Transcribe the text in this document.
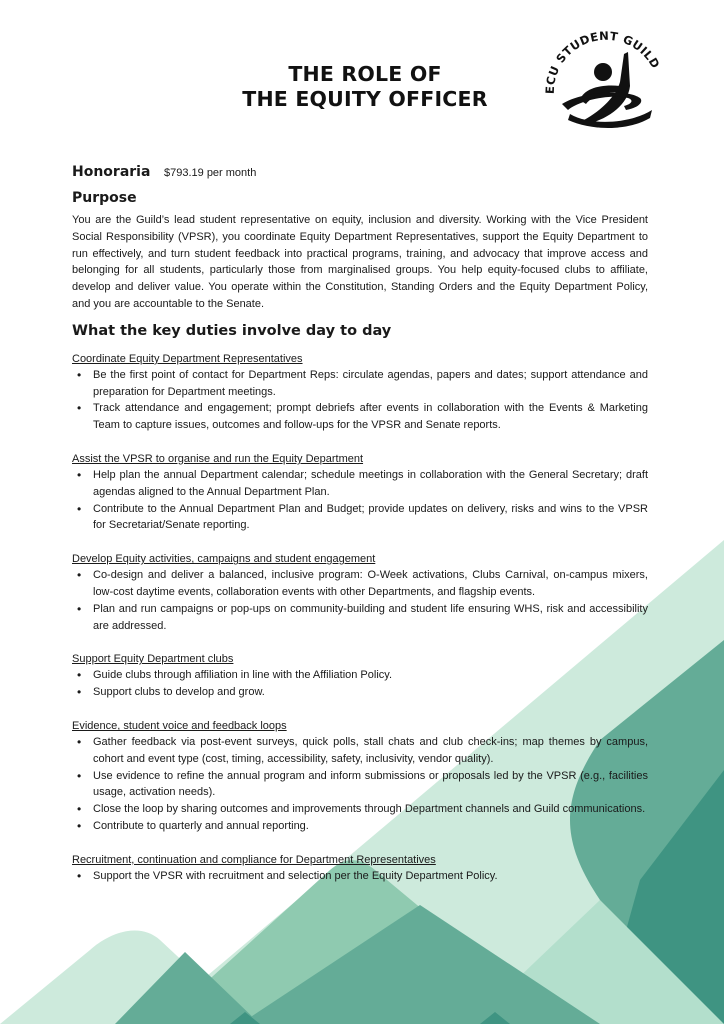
THE ROLE OF
THE EQUITY OFFICER	ECU STUDENT GUILD
Honoraria	$793.19 per month
Purpose

You are the Guild’s lead student representative on equity, inclusion and diversity. Working with the Vice President Social Responsibility (VPSR), you coordinate Equity Department Representatives, support the Equity Department to run effectively, and turn student feedback into practical programs, training, and advocacy that improve access and belonging for all students, particularly those from marginalised groups. You help equity-focused clubs to affiliate, develop and deliver value. You operate within the Constitution, Standing Orders and the Equity Department Policy, and you are accountable to the Senate.

What the key duties involve day to day
Coordinate Equity Department Representatives
• Be the first point of contact for Department Reps: circulate agendas, papers and dates; support attendance and preparation for Department meetings.
• Track attendance and engagement; prompt debriefs after events in collaboration with the Events & Marketing Team to capture issues, outcomes and follow-ups for the VPSR and Senate reports.
Assist the VPSR to organise and run the Equity Department
• Help plan the annual Department calendar; schedule meetings in collaboration with the General Secretary; draft agendas aligned to the Annual Department Plan.
• Contribute to the Annual Department Plan and Budget; provide updates on delivery, risks and wins to the VPSR for Secretariat/Senate reporting.
Develop Equity activities, campaigns and student engagement
• Co-design and deliver a balanced, inclusive program: O-Week activations, Clubs Carnival, on-campus mixers, low-cost daytime events, collaboration events with other Departments, and flagship events.
• Plan and run campaigns or pop-ups on community-building and student life ensuring WHS, risk and accessibility are addressed.
Support Equity Department clubs
• Guide clubs through affiliation in line with the Affiliation Policy.
• Support clubs to develop and grow.
Evidence, student voice and feedback loops
• Gather feedback via post-event surveys, quick polls, stall chats and club check-ins; map themes by campus, cohort and event type (cost, timing, accessibility, safety, inclusivity, vendor quality).
• Use evidence to refine the annual program and inform submissions or proposals led by the VPSR (e.g., facilities usage, activation needs).
• Close the loop by sharing outcomes and improvements through Department channels and Guild communications.
• Contribute to quarterly and annual reporting.
Recruitment, continuation and compliance for Department Representatives
• Support the VPSR with recruitment and selection per the Equity Department Policy.
